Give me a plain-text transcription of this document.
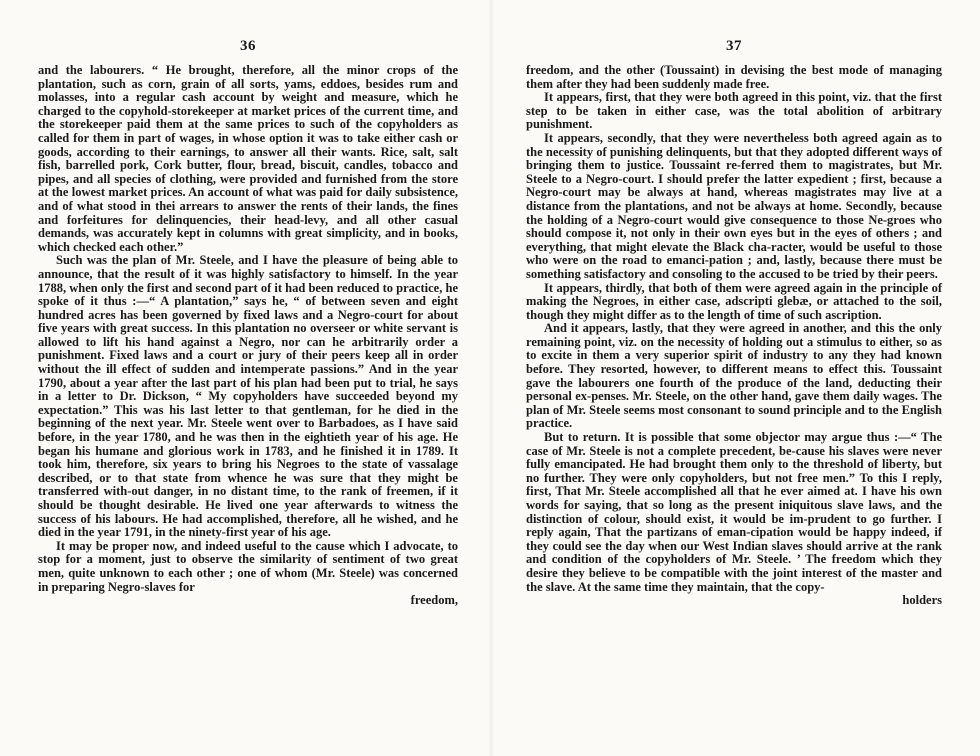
36

and the labourers. “ He brought, therefore, all the minor crops of the plantation, such as corn, grain of all sorts, yams, eddoes, besides rum and molasses, into a regular cash account by weight and measure, which he charged to the copyhold-storekeeper at market prices of the current time, and the storekeeper paid them at the same prices to such of the copyholders as called for them in part of wages, in whose option it was to take either cash or goods, according to their earnings, to answer all their wants. Rice, salt, salt fish, barrelled pork, Cork butter, flour, bread, biscuit, candles, tobacco and pipes, and all species of clothing, were provided and furnished from the store at the lowest market prices. An account of what was paid for daily subsistence, and of what stood in thei arrears to answer the rents of their lands, the fines and forfeitures for delinquencies, their head-levy, and all other casual demands, was accurately kept in columns with great simplicity, and in books, which checked each other.”

Such was the plan of Mr. Steele, and I have the pleasure of being able to announce, that the result of it was highly satisfactory to himself. In the year 1788, when only the first and second part of it had been reduced to practice, he spoke of it thus :—“ A plantation,” says he, “ of between seven and eight hundred acres has been governed by fixed laws and a Negro-court for about five years with great success. In this plantation no overseer or white servant is allowed to lift his hand against a Negro, nor can he arbitrarily order a punishment. Fixed laws and a court or jury of their peers keep all in order without the ill effect of sudden and intemperate passions.” And in the year 1790, about a year after the last part of his plan had been put to trial, he says in a letter to Dr. Dickson, “ My copyholders have succeeded beyond my expectation.” This was his last letter to that gentleman, for he died in the beginning of the next year. Mr. Steele went over to Barbadoes, as I have said before, in the year 1780, and he was then in the eightieth year of his age. He began his humane and glorious work in 1783, and he finished it in 1789. It took him, therefore, six years to bring his Negroes to the state of vassalage described, or to that state from whence he was sure that they might be transferred with-out danger, in no distant time, to the rank of freemen, if it should be thought desirable. He lived one year afterwards to witness the success of his labours. He had accomplished, therefore, all he wished, and he died in the year 1791, in the ninety-first year of his age.

It may be proper now, and indeed useful to the cause which I advocate, to stop for a moment, just to observe the similarity of sentiment of two great men, quite unknown to each other ; one of whom (Mr. Steele) was concerned in preparing Negro-slaves for

freedom,

37

freedom, and the other (Toussaint) in devising the best mode of managing them after they had been suddenly made free.

It appears, first, that they were both agreed in this point, viz. that the first step to be taken in either case, was the total abolition of arbitrary punishment.

It appears, secondly, that they were nevertheless both agreed again as to the necessity of punishing delinquents, but that they adopted different ways of bringing them to justice. Toussaint re-ferred them to magistrates, but Mr. Steele to a Negro-court. I should prefer the latter expedient ; first, because a Negro-court may be always at hand, whereas magistrates may live at a distance from the plantations, and not be always at home. Secondly, because the holding of a Negro-court would give consequence to those Ne-groes who should compose it, not only in their own eyes but in the eyes of others ; and everything, that might elevate the Black cha-racter, would be useful to those who were on the road to emanci-pation ; and, lastly, because there must be something satisfactory and consoling to the accused to be tried by their peers.

It appears, thirdly, that both of them were agreed again in the principle of making the Negroes, in either case, adscripti glebæ, or attached to the soil, though they might differ as to the length of time of such ascription.

And it appears, lastly, that they were agreed in another, and this the only remaining point, viz. on the necessity of holding out a stimulus to either, so as to excite in them a very superior spirit of industry to any they had known before. They resorted, however, to different means to effect this. Toussaint gave the labourers one fourth of the produce of the land, deducting their personal ex-penses. Mr. Steele, on the other hand, gave them daily wages. The plan of Mr. Steele seems most consonant to sound principle and to the English practice.

But to return. It is possible that some objector may argue thus :—“ The case of Mr. Steele is not a complete precedent, be-cause his slaves were never fully emancipated. He had brought them only to the threshold of liberty, but no further. They were only copyholders, but not free men.” To this I reply, first, That Mr. Steele accomplished all that he ever aimed at. I have his own words for saying, that so long as the present iniquitous slave laws, and the distinction of colour, should exist, it would be im-prudent to go further. I reply again, That the partizans of eman-cipation would be happy indeed, if they could see the day when our West Indian slaves should arrive at the rank and condition of the copyholders of Mr. Steele. ’ The freedom which they desire they believe to be compatible with the joint interest of the master and the slave. At the same time they maintain, that the copy-

holders
